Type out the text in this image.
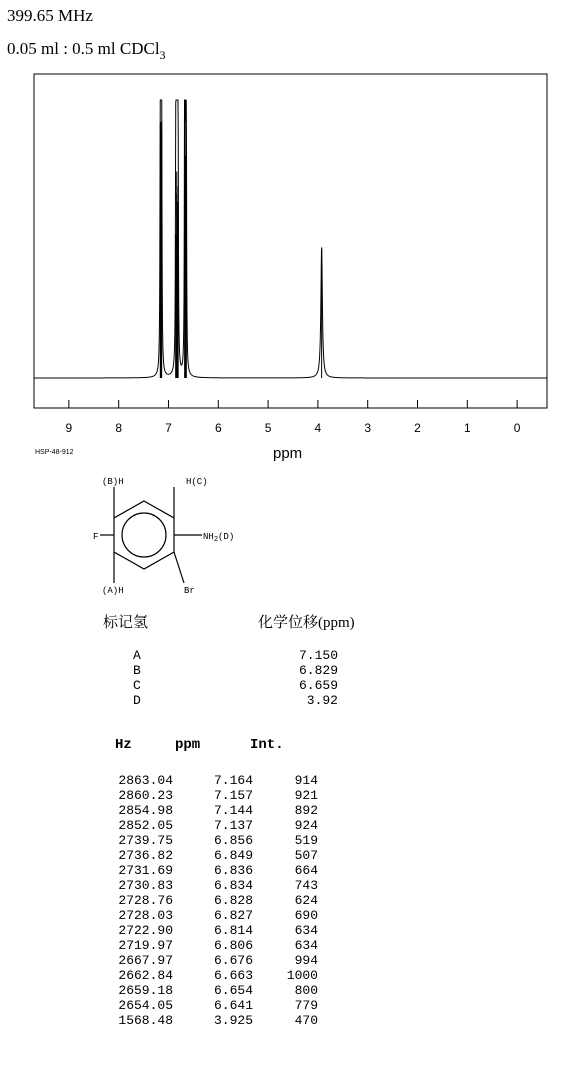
399.65 MHz
0.05 ml : 0.5 ml CDCl$_3$
9	8	7	6	5	4	3	2	1	0
ppm
HSP-48-912
(B)H	H(C)
F	$NH_2(D)$
(A)H	Br
标记氢	化学位移(ppm)
A	7.150
B	6.829
C	6.659
D	3.92
Hz	ppm	Int.
2863.04	7.164	914
2860.23	7.157	921
2854.98	7.144	892
2852.05	7.137	924
2739.75	6.856	519
2736.82	6.849	507
2731.69	6.836	664
2730.83	6.834	743
2728.76	6.828	624
2728.03	6.827	690
2722.90	6.814	634
2719.97	6.806	634
2667.97	6.676	994
2662.84	6.663	1000
2659.18	6.654	800
2654.05	6.641	779
1568.48	3.925	470
